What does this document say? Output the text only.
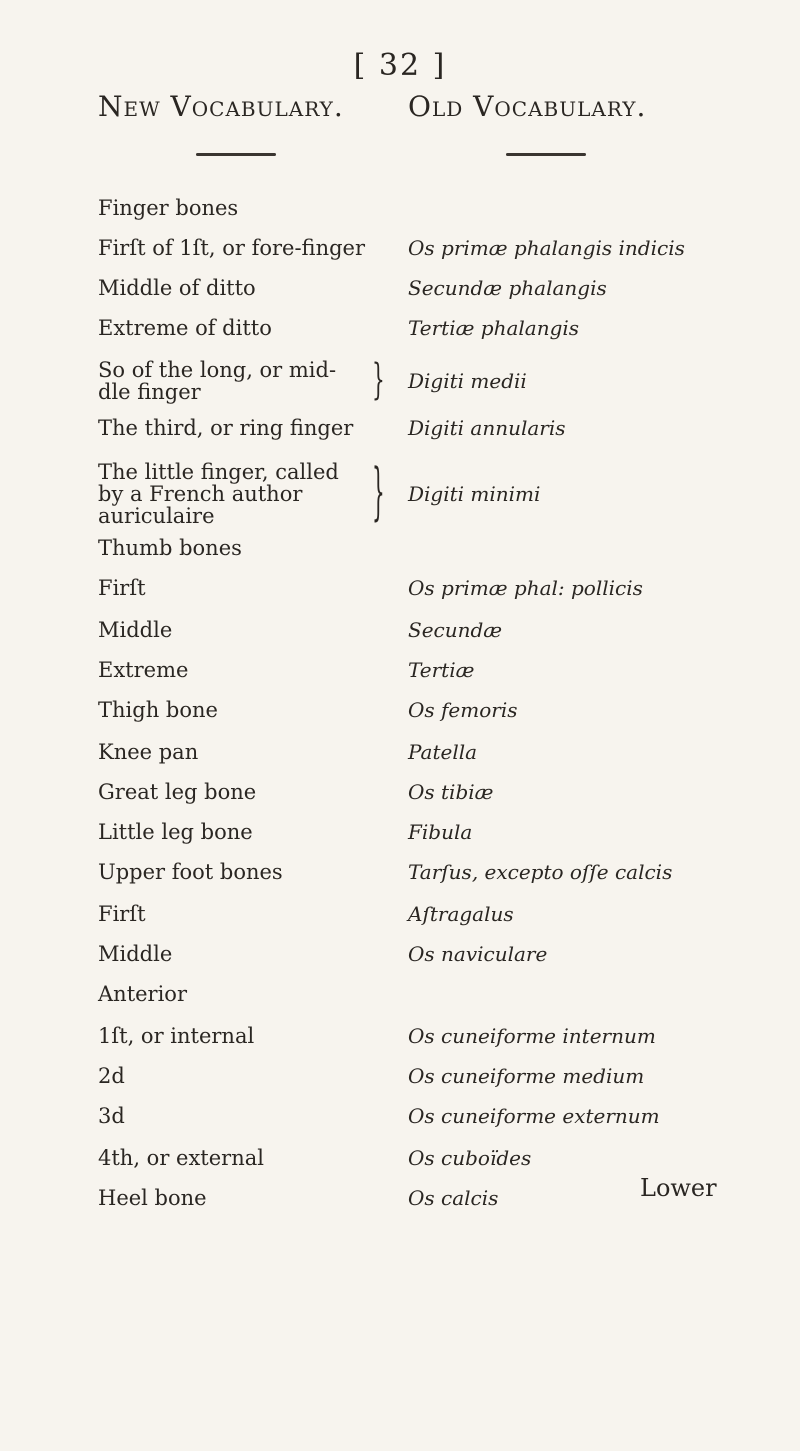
[ 32 ]
New Vocabulary. Old Vocabulary.
Finger bones
Firſt of 1ſt, or fore-finger	Os primæ phalangis indicis
Middle of ditto	Secundæ phalangis
Extreme of ditto	Tertiæ phalangis
So of the long, or mid-
dle finger	} Digiti medii
The third, or ring finger	Digiti annularis
The little finger, called
by a French author
auriculaire	} Digiti minimi
Thumb bones
Firſt	Os primæ phal: pollicis
Middle	Secundæ
Extreme	Tertiæ
Thigh bone	Os femoris
Knee pan	Patella
Great leg bone	Os tibiæ
Little leg bone	Fibula
Upper foot bones	Tarſus, excepto oſſe calcis
Firſt	Aſtragalus
Middle	Os naviculare
Anterior
1ſt, or internal	Os cuneiforme internum
2d	Os cuneiforme medium
3d	Os cuneiforme externum
4th, or external	Os cuboïdes
Heel bone	Os calcis	Lower
